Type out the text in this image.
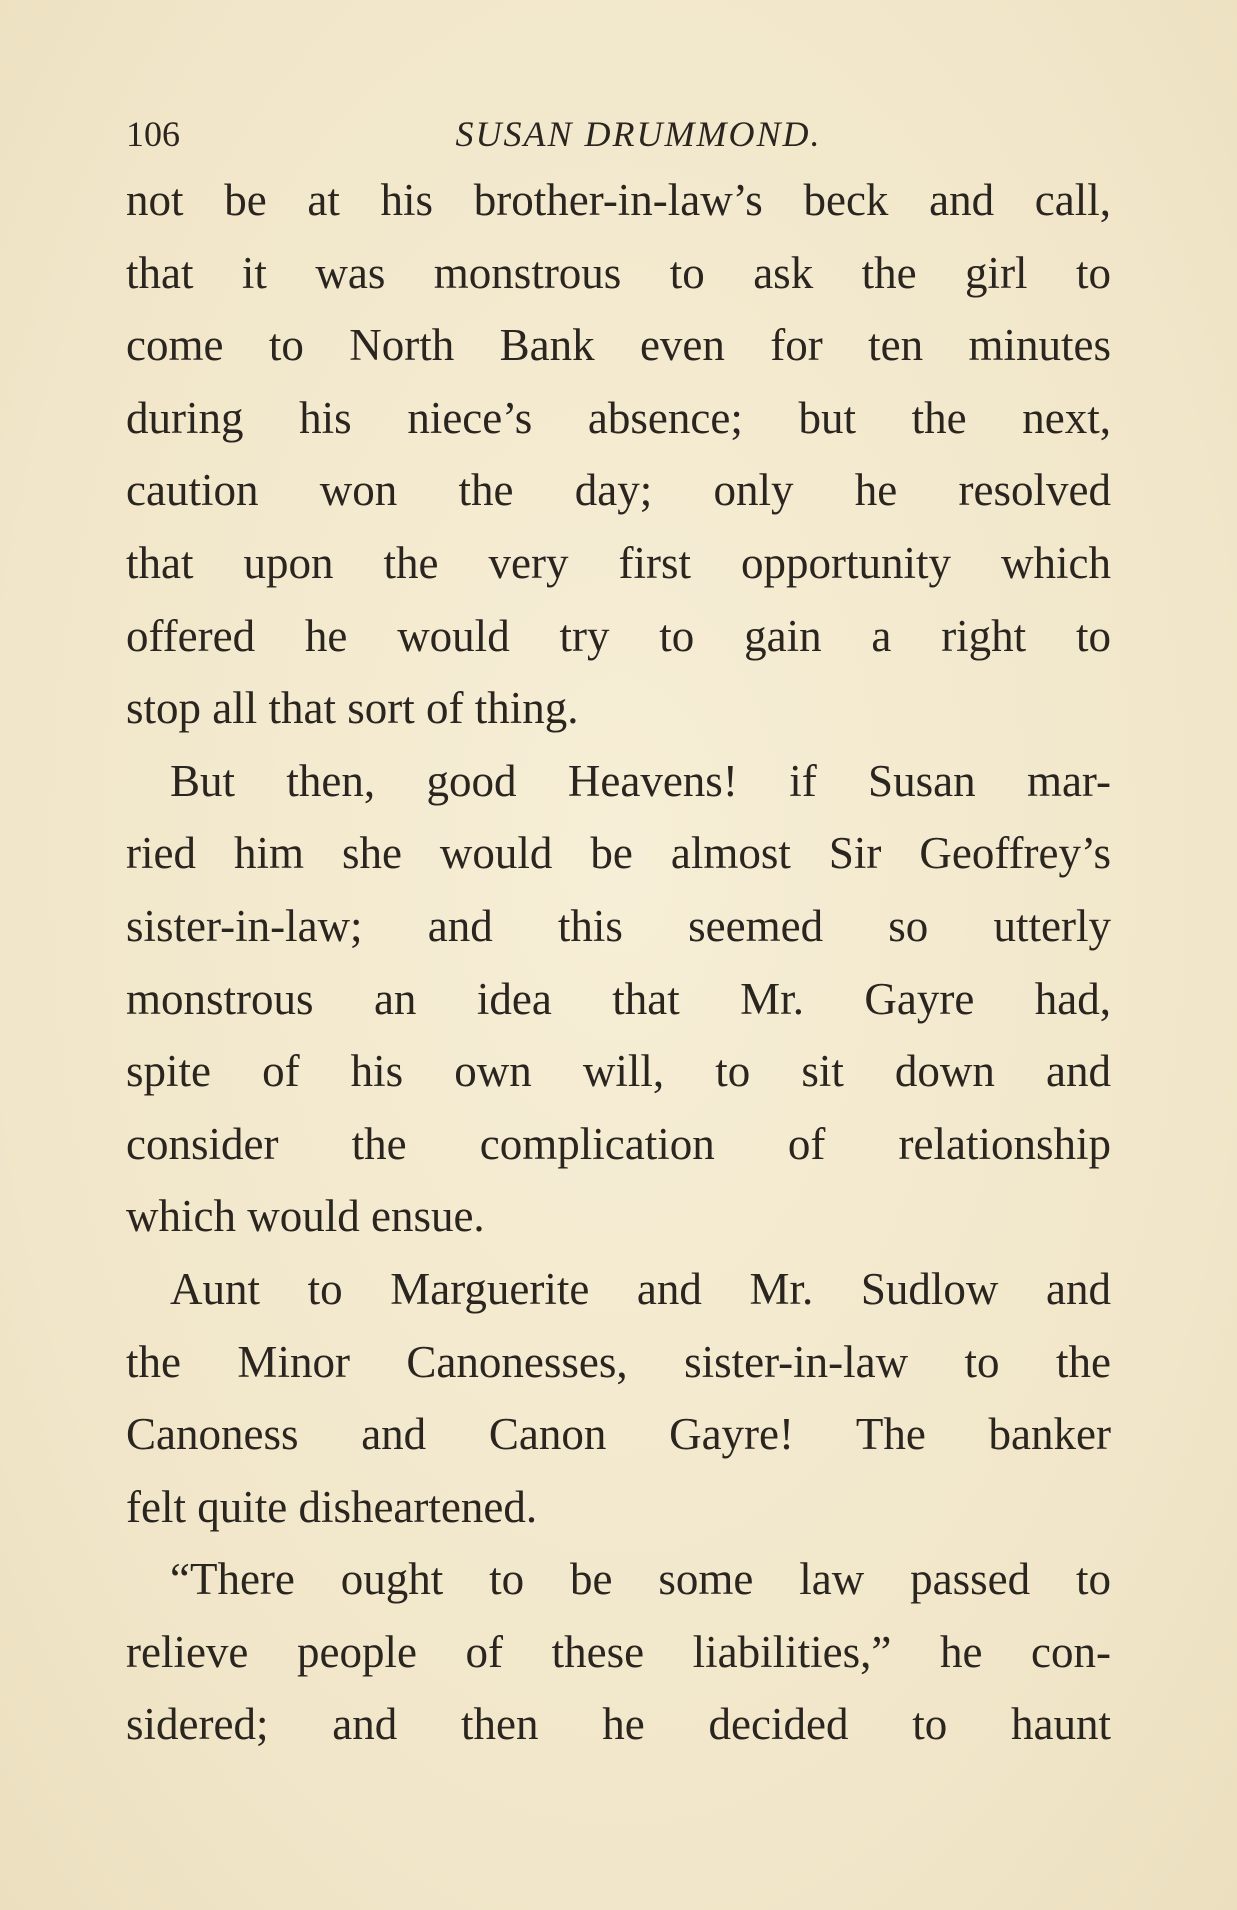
106	SUSAN DRUMMOND.
not be at his brother-in-law’s beck and call,
that it was monstrous to ask the girl to
come to North Bank even for ten minutes
during his niece’s absence; but the next,
caution won the day; only he resolved
that upon the very first opportunity which
offered he would try to gain a right to
stop all that sort of thing.
But then, good Heavens! if Susan mar-
ried him she would be almost Sir Geoffrey’s
sister-in-law; and this seemed so utterly
monstrous an idea that Mr. Gayre had,
spite of his own will, to sit down and
consider the complication of relationship
which would ensue.
Aunt to Marguerite and Mr. Sudlow and
the Minor Canonesses, sister-in-law to the
Canoness and Canon Gayre! The banker
felt quite disheartened.
“There ought to be some law passed to
relieve people of these liabilities,” he con-
sidered; and then he decided to haunt
